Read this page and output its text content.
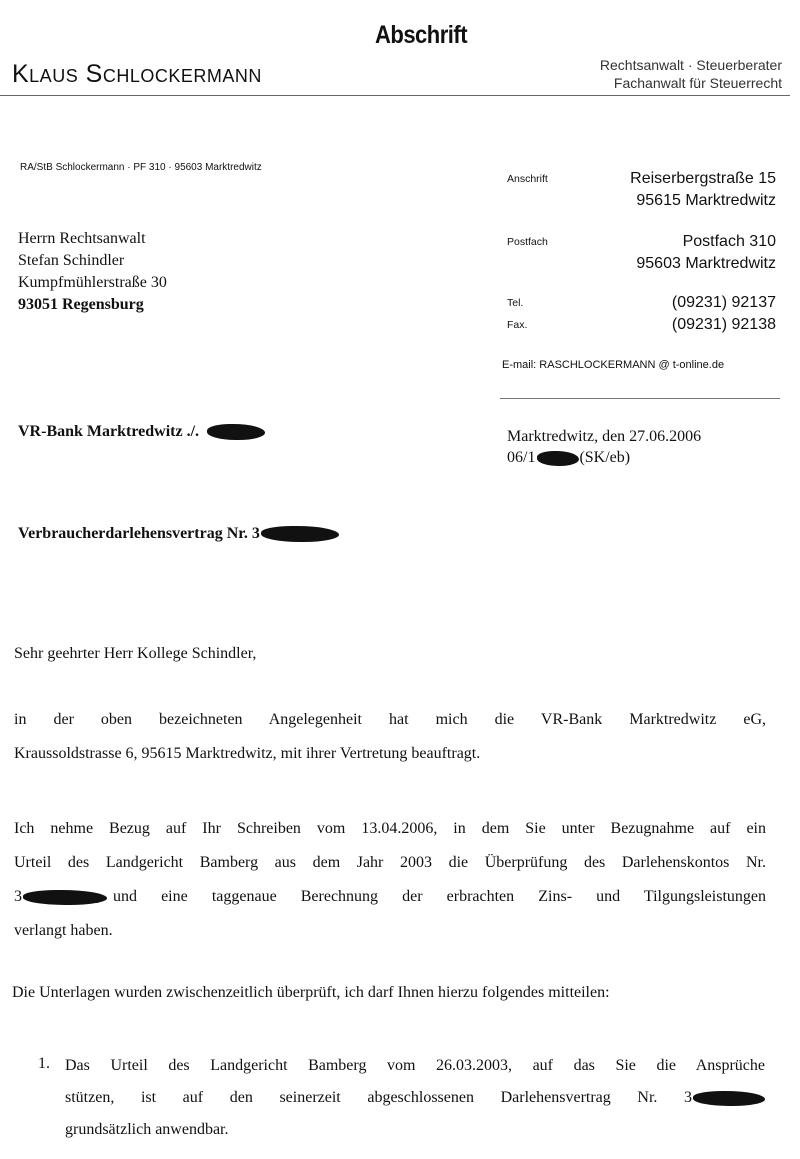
Abschrift
Klaus Schlockermann	Rechtsanwalt · Steuerberater
Fachanwalt für Steuerrecht
RA/StB Schlockermann · PF 310 · 95603 Marktredwitz
Herrn Rechtsanwalt
Stefan Schindler
Kumpfmühlerstraße 30
93051 Regensburg
Anschrift	Reiserbergstraße 15
95615 Marktredwitz
Postfach	Postfach 310
95603 Marktredwitz
Tel.	(09231) 92137
Fax.	(09231) 92138
E-mail: RASCHLOCKERMANN @ t-online.de
VR-Bank Marktredwitz ./.	Marktredwitz, den 27.06.2006
06/1	(SK/eb)
Verbraucherdarlehensvertrag Nr. 3
Sehr geehrter Herr Kollege Schindler,
in der oben bezeichneten Angelegenheit hat mich die VR-Bank Marktredwitz eG,
Kraussoldstrasse 6, 95615 Marktredwitz, mit ihrer Vertretung beauftragt.
Ich nehme Bezug auf Ihr Schreiben vom 13.04.2006, in dem Sie unter Bezugnahme auf ein
Urteil des Landgericht Bamberg aus dem Jahr 2003 die Überprüfung des Darlehenskontos Nr.
3	und eine taggenaue Berechnung der erbrachten Zins- und Tilgungsleistungen
verlangt haben.
Die Unterlagen wurden zwischenzeitlich überprüft, ich darf Ihnen hierzu folgendes mitteilen:
1. Das Urteil des Landgericht Bamberg vom 26.03.2003, auf das Sie die Ansprüche
stützen, ist auf den seinerzeit abgeschlossenen Darlehensvertrag Nr. 3
grundsätzlich anwendbar.
